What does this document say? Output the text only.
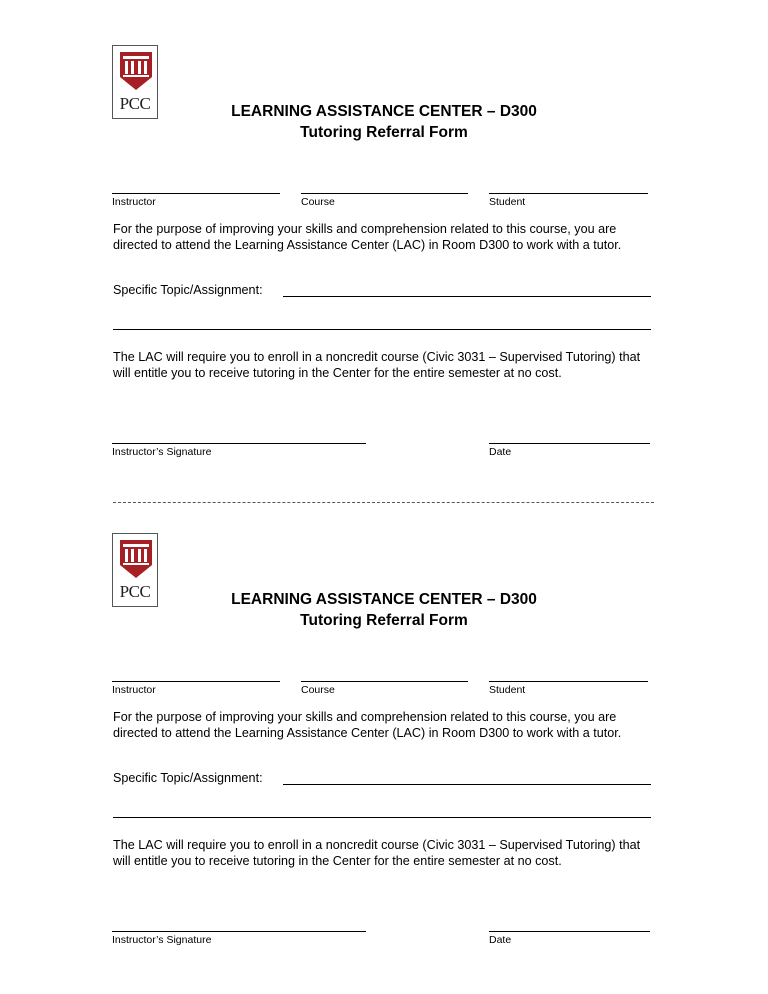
PCC	LEARNING ASSISTANCE CENTER – D300
Tutoring Referral Form
Instructor	Course	Student
For the purpose of improving your skills and comprehension related to this course, you are directed to attend the Learning Assistance Center (LAC) in Room D300 to work with a tutor.
Specific Topic/Assignment:
The LAC will require you to enroll in a noncredit course (Civic 3031 – Supervised Tutoring) that will entitle you to receive tutoring in the Center for the entire semester at no cost.
Instructor’s Signature	Date
PCC	LEARNING ASSISTANCE CENTER – D300
Tutoring Referral Form
Instructor	Course	Student
For the purpose of improving your skills and comprehension related to this course, you are directed to attend the Learning Assistance Center (LAC) in Room D300 to work with a tutor.
Specific Topic/Assignment:
The LAC will require you to enroll in a noncredit course (Civic 3031 – Supervised Tutoring) that will entitle you to receive tutoring in the Center for the entire semester at no cost.
Instructor’s Signature	Date
